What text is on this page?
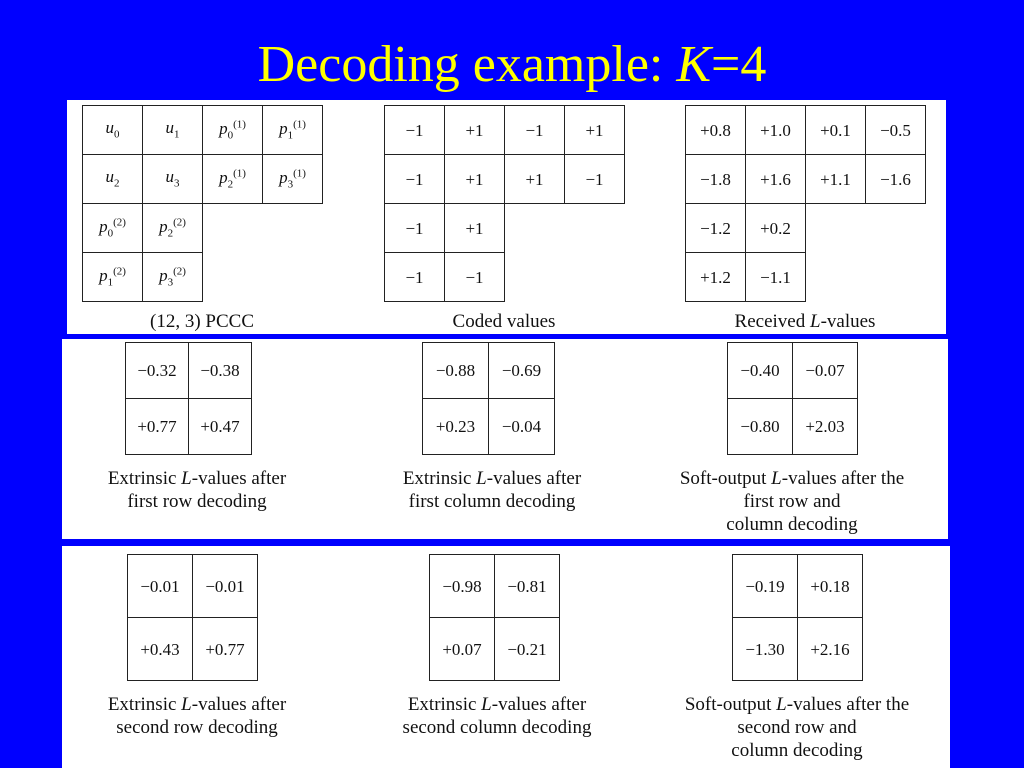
Decoding example: K=4
$u_0$	$u_1$	$p_0^{(1)}$	$p_1^{(1)}$
$u_2$	$u_3$	$p_2^{(1)}$	$p_3^{(1)}$
$p_0^{(2)}$	$p_2^{(2)}$		
$p_1^{(2)}$	$p_3^{(2)}$		
(12, 3) PCCC
−1	+1	−1	+1
−1	+1	+1	−1
−1	+1		
−1	−1		
Coded values
+0.8	+1.0	+0.1	−0.5
−1.8	+1.6	+1.1	−1.6
−1.2	+0.2		
+1.2	−1.1		
Received L-values
−0.32	−0.38
+0.77	+0.47
Extrinsic L-values after
first row decoding
−0.88	−0.69
+0.23	−0.04
Extrinsic L-values after
first column decoding
−0.40	−0.07
−0.80	+2.03
Soft-output L-values after the
first row and
column decoding
−0.01	−0.01
+0.43	+0.77
Extrinsic L-values after
second row decoding
−0.98	−0.81
+0.07	−0.21
Extrinsic L-values after
second column decoding
−0.19	+0.18
−1.30	+2.16
Soft-output L-values after the
second row and
column decoding
